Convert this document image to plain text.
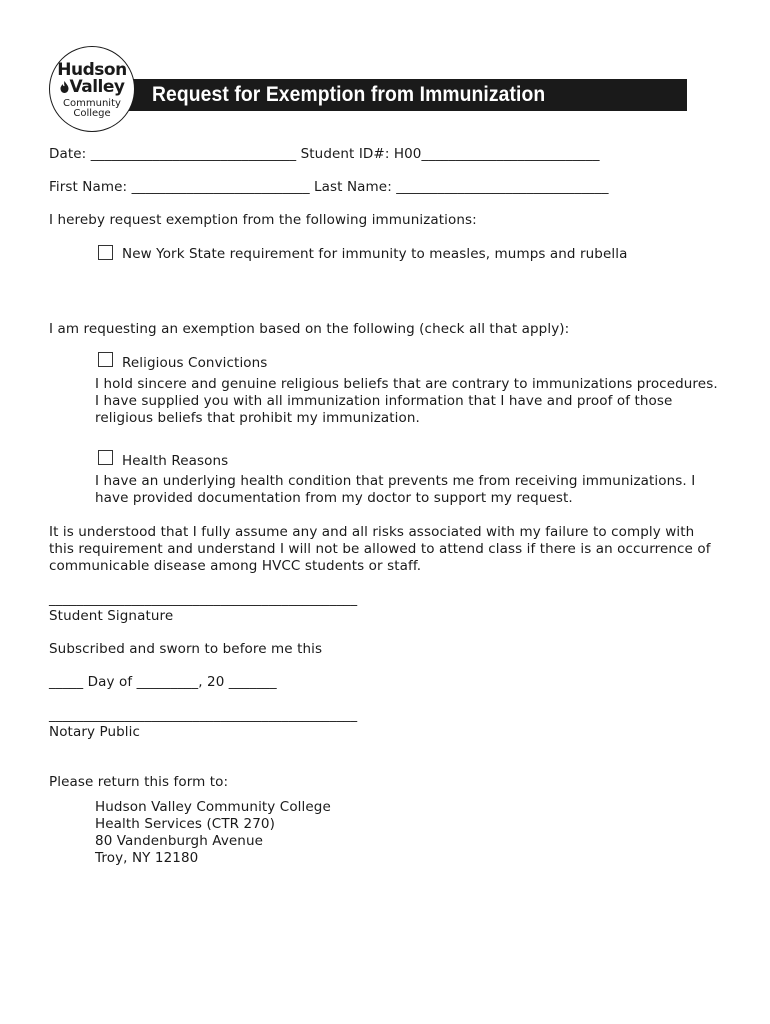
Hudson
Valley
Community
College
Request for Exemption from Immunization
Date: ______________________________ Student ID#: H00__________________________
First Name: __________________________ Last Name: _______________________________
I hereby request exemption from the following immunizations:
New York State requirement for immunity to measles, mumps and rubella
I am requesting an exemption based on the following (check all that apply):
Religious Convictions
I hold sincere and genuine religious beliefs that are contrary to immunizations procedures.
I have supplied you with all immunization information that I have and proof of those
religious beliefs that prohibit my immunization.
Health Reasons
I have an underlying health condition that prevents me from receiving immunizations. I
have provided documentation from my doctor to support my request.
It is understood that I fully assume any and all risks associated with my failure to comply with
this requirement and understand I will not be allowed to attend class if there is an occurrence of
communicable disease among HVCC students or staff.
_____________________________________________
Student Signature
Subscribed and sworn to before me this
_____ Day of _________, 20 _______
_____________________________________________
Notary Public
Please return this form to:
Hudson Valley Community College
Health Services (CTR 270)
80 Vandenburgh Avenue
Troy, NY 12180
